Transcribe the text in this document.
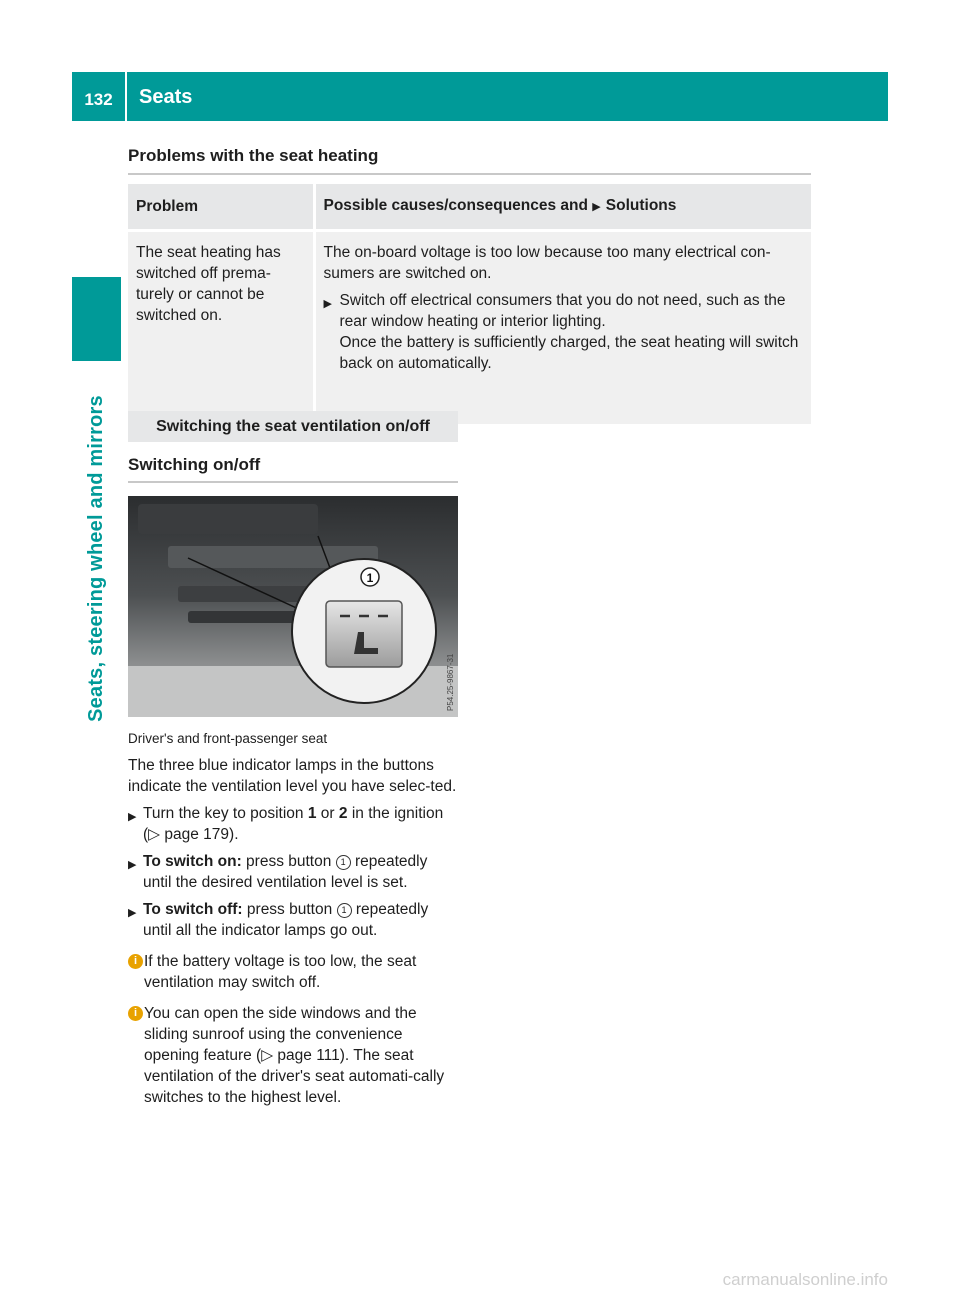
132	Seats
Seats, steering wheel and mirrors
Problems with the seat heating
Problem	Possible causes/consequences and ▶ Solutions

The seat heating has switched off prema-turely or cannot be switched on.	The on-board voltage is too low because too many electrical con-sumers are switched on.
▶ Switch off electrical consumers that you do not need, such as the rear window heating or interior lighting.
Once the battery is sufficiently charged, the seat heating will switch back on automatically.
Switching the seat ventilation on/off
Switching on/off
1
P54.25-9867-31
Driver's and front-passenger seat
The three blue indicator lamps in the buttons indicate the ventilation level you have selec-ted.
▶ Turn the key to position 1 or 2 in the ignition (▷ page 179).
▶ To switch on: press button 1 repeatedly until the desired ventilation level is set.
▶ To switch off: press button 1 repeatedly until all the indicator lamps go out.
i If the battery voltage is too low, the seat ventilation may switch off.
i You can open the side windows and the sliding sunroof using the convenience opening feature (▷ page 111). The seat ventilation of the driver's seat automati-cally switches to the highest level.
carmanualsonline.info
